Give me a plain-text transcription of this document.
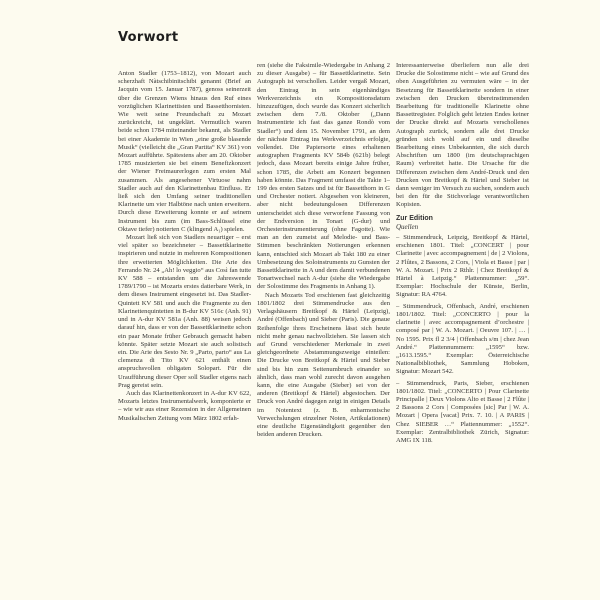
Vorwort

Anton Stadler (1753–1812), von Mozart auch scherzhaft Nàtschibinitschibi genannt (Brief an Jacquin vom 15. Januar 1787), genoss seinerzeit über die Grenzen Wiens hinaus den Ruf eines vorzüglichen Klarinettisten und Bassetthornisten. Wie weit seine Freundschaft zu Mozart zurückreicht, ist ungeklärt. Vermutlich waren beide schon 1784 miteinander bekannt, als Stadler bei einer Akademie in Wien „eine große blasende Musik“ (vielleicht die „Gran Partita“ KV 361) von Mozart aufführte. Spätestens aber am 20. Oktober 1785 musizierten sie bei einem Benefizkonzert der Wiener Freimaurerlogen zum ersten Mal zusammen. Als angesehener Virtuose nahm Stadler auch auf den Klarinettenbau Einfluss. Er ließ sich den Umfang seiner traditionellen Klarinette um vier Halbtöne nach unten erweitern. Durch diese Erweiterung konnte er auf seinem Instrument bis zum (im Bass-Schlüssel eine Oktave tiefer) notierten C (klingend A₁) spielen.

Mozart ließ sich von Stadlers neuartiger – erst viel später so bezeichneter – Bassettklarinette inspirieren und nutzte in mehreren Kompositionen ihre erweiterten Möglichkeiten. Die Arie des Ferrando Nr. 24 „Ah! lo veggio“ aus Così fan tutte KV 588 – entstanden um die Jahreswende 1789/1790 – ist Mozarts erstes datierbare Werk, in dem dieses Instrument eingesetzt ist. Das Stadler-Quintett KV 581 und auch die Fragmente zu den Klarinettenquintetten in B-dur KV 516c (Anh. 91) und in A-dur KV 581a (Anh. 88) weisen jedoch darauf hin, dass er von der Bassettklarinette schon ein paar Monate früher Gebrauch gemacht haben könnte. Später setzte Mozart sie auch solistisch ein. Die Arie des Sesto Nr. 9 „Parto, parto“ aus La clemenza di Tito KV 621 enthält einen anspruchsvollen obligaten Solopart. Für die Uraufführung dieser Oper soll Stadler eigens nach Prag gereist sein.

Auch das Klarinettenkonzert in A-dur KV 622, Mozarts letztes Instrumentalwerk, komponierte er – wie wir aus einer Rezension in der Allgemeinen Musikalischen Zeitung vom März 1802 erfah-

ren (siehe die Faksimile-Wiedergabe in Anhang 2 zu dieser Ausgabe) – für Bassettklarinette. Sein Autograph ist verschollen. Leider vergaß Mozart, den Eintrag in sein eigenhändiges Werkverzeichnis ein Kompositionsdatum hinzuzufügen, doch wurde das Konzert sicherlich zwischen dem 7./8. Oktober („Dann Instrumentirte ich fast das ganze Rondò vom Stadler“) und dem 15. November 1791, an dem der nächste Eintrag ins Werkverzeichnis erfolgte, vollendet. Die Papiersorte eines erhaltenen autographen Fragments KV 584b (621b) belegt jedoch, dass Mozart bereits einige Jahre früher, schon 1785, die Arbeit am Konzert begonnen haben könnte. Das Fragment umfasst die Takte 1–199 des ersten Satzes und ist für Bassetthorn in G und Orchester notiert. Abgesehen von kleineren, aber nicht bedeutungslosen Differenzen unterscheidet sich diese verworfene Fassung von der Endversion in Tonart (G-dur) und Orchesterinstrumentierung (ohne Fagotte). Wie man an den zumeist auf Melodie- und Bass-Stimmen beschränkten Notierungen erkennen kann, entschied sich Mozart ab Takt 180 zu einer Umbesetzung des Soloinstruments zu Gunsten der Bassettklarinette in A und dem damit verbundenen Tonartwechsel nach A-dur (siehe die Wiedergabe der Solostimme des Fragments in Anhang 1).

Nach Mozarts Tod erschienen fast gleichzeitig 1801/1802 drei Stimmendrucke aus den Verlagshäusern Breitkopf & Härtel (Leipzig), André (Offenbach) und Sieber (Paris). Die genaue Reihenfolge ihres Erscheinens lässt sich heute nicht mehr genau nachvollziehen. Sie lassen sich auf Grund verschiedener Merkmale in zwei gleichgeordnete Abstammungszweige einteilen: Die Drucke von Breitkopf & Härtel und Sieber sind bis hin zum Seitenumbruch einander so ähnlich, dass man wohl zurecht davon ausgehen kann, die eine Ausgabe (Sieber) sei von der anderen (Breitkopf & Härtel) abgestochen. Der Druck von André dagegen zeigt in einigen Details im Notentext (z. B. enharmonische Verwechslungen einzelner Noten, Artikulationen) eine deutliche Eigenständigkeit gegenüber den beiden anderen Drucken.

Interessanterweise überliefern nun alle drei Drucke die Solostimme nicht – wie auf Grund des oben Ausgeführten zu vermuten wäre – in der Besetzung für Bassettklarinette sondern in einer zwischen den Drucken übereinstimmenden Bearbeitung für traditionelle Klarinette ohne Bassettregister. Folglich geht letzten Endes keiner der Drucke direkt auf Mozarts verschollenes Autograph zurück, sondern alle drei Drucke gründen sich wohl auf ein und dieselbe Bearbeitung eines Unbekannten, die sich durch Abschriften um 1800 (im deutschsprachigen Raum) verbreitet hatte. Die Ursache für die Differenzen zwischen dem André-Druck und den Drucken von Breitkopf & Härtel und Sieber ist dann weniger im Versuch zu suchen, sondern auch bei den für die Stichvorlage verantwortlichen Kopisten.

Zur Edition

Quellen

– Stimmendruck, Leipzig, Breitkopf & Härtel, erschienen 1801. Titel: „CONCERT | pour Clarinette | avec accompagnement | de | 2 Violons, 2 Flûtes, 2 Bassons, 2 Cors, | Viola et Basse | par | W. A. Mozart. | Prix 2 Rthlr. | Chez Breitkopf & Härtel à Leipzig.“ Plattennummer: „59“. Exemplar: Hochschule der Künste, Berlin, Signatur: RA 4764.

– Stimmendruck, Offenbach, André, erschienen 1801/1802. Titel: „CONCERTO | pour la clarinette | avec accompagnement d’orchestre | composé par | W. A. Mozart. | Oeuvre 107. | … | No 1595. Prix fl 2 3/4 | Offenbach s/m | chez Jean André.“ Plattennummern: „1595“ bzw. „1613.1595.“ Exemplar: Österreichische Nationalbibliothek, Sammlung Hoboken, Signatur: Mozart 542.

– Stimmendruck, Paris, Sieber, erschienen 1801/1802. Titel: „CONCERTO | Pour Clarinette Principalle | Deux Violons Alto et Basse | 2 Flûte | 2 Bassons 2 Cors | Composées [sic] Par | W. A. Mozart | Opera [vacat] Prix. 7. 10. | A PARIS | Chez SIEBER …“ Plattennummer: „1552“. Exemplar: Zentralbibliothek Zürich, Signatur: AMG IX 118.
